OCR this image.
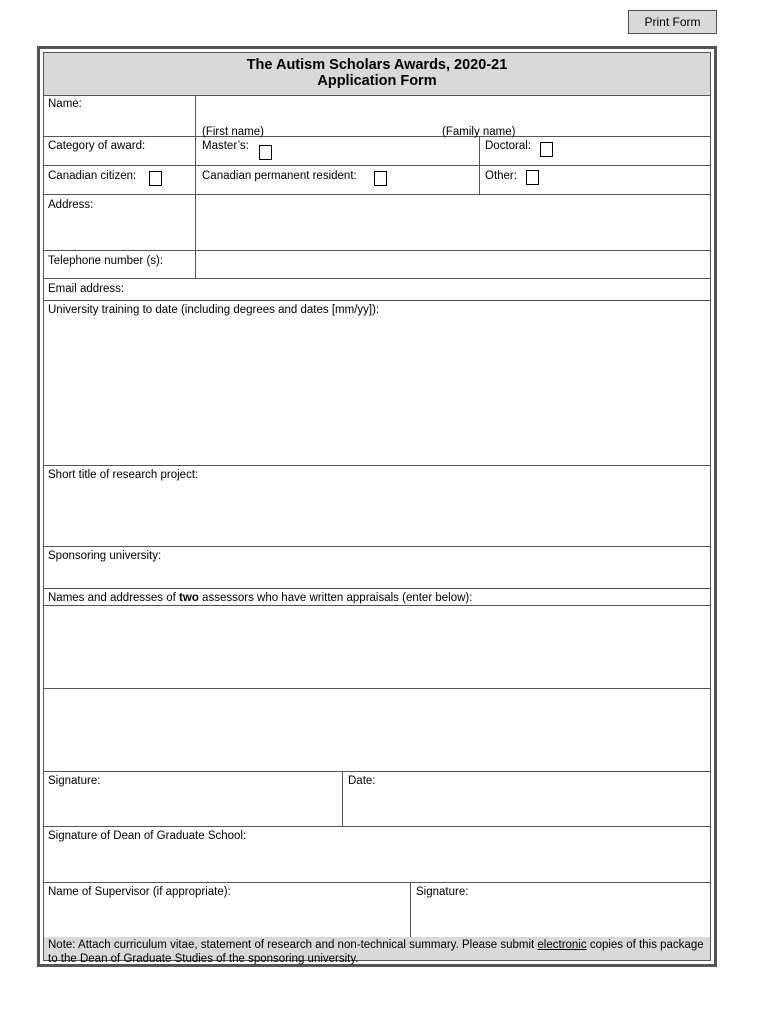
Print Form
The Autism Scholars Awards, 2020-21
Application Form
Name:
(First name)	(Family name)
Category of award:	Master’s:	Doctoral:
Canadian citizen:	Canadian permanent resident:	Other:
Address:
Telephone number (s):
Email address:
University training to date (including degrees and dates [mm/yy]):
Short title of research project:
Sponsoring university:
Names and addresses of two assessors who have written appraisals (enter below):
Signature:	Date:
Signature of Dean of Graduate School:
Name of Supervisor (if appropriate):	Signature:
Note: Attach curriculum vitae, statement of research and non-technical summary. Please submit electronic copies of this package to the Dean of Graduate Studies of the sponsoring university.
